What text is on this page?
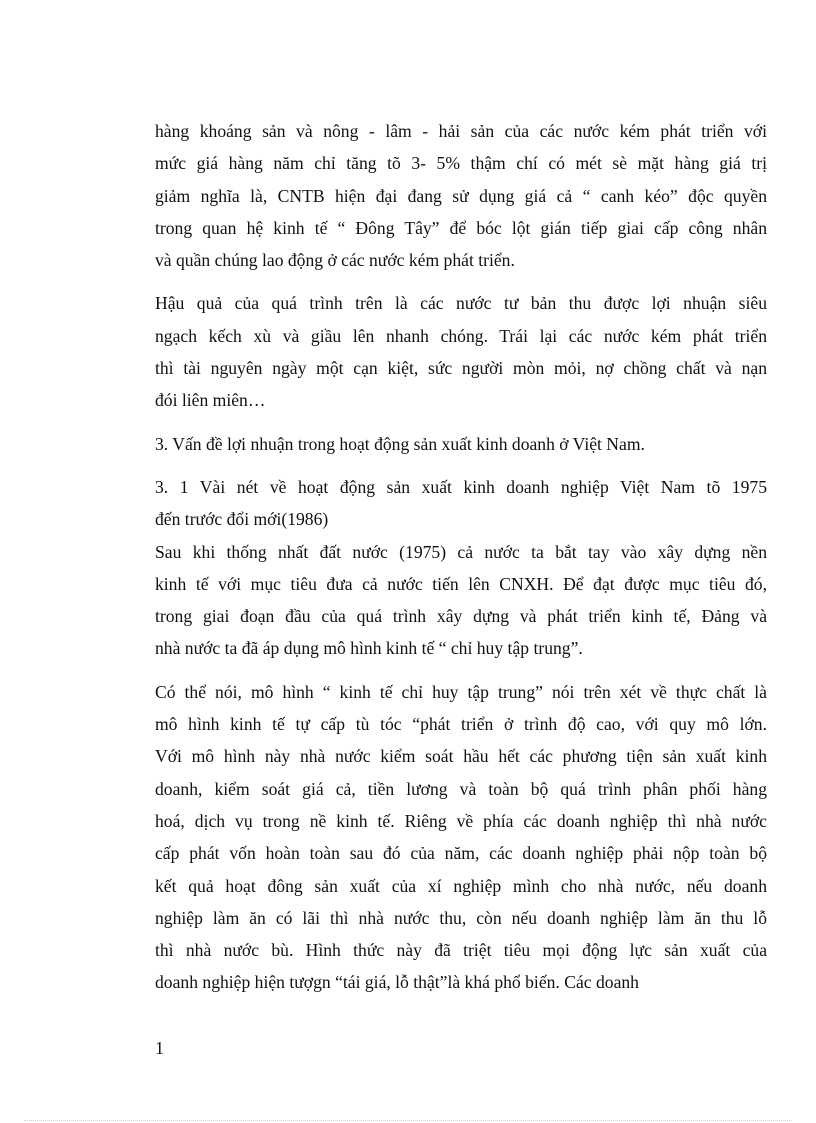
hàng khoáng sản và nông - lâm - hải sản của các nước kém phát triển với
mức giá hàng năm chỉ tăng tõ 3- 5% thậm chí có mét sè mặt hàng giá trị
giảm nghĩa là, CNTB hiện đại đang sử dụng giá cả “ canh kéo” độc quyền
trong quan hệ kinh tế “ Đông Tây” để bóc lột gián tiếp giai cấp công nhân
và quần chúng lao động ở các nước kém phát triển.

Hậu quả của quá trình trên là các nước tư bản thu được lợi nhuận siêu
ngạch kếch xù và giầu lên nhanh chóng. Trái lại các nước kém phát triển
thì tài nguyên ngày một cạn kiệt, sức người mòn mỏi, nợ chồng chất và nạn
đói liên miên…

3. Vấn đề lợi nhuận trong hoạt động sản xuất kinh doanh ở Việt Nam.

3. 1 Vài nét về hoạt động sản xuất kinh doanh nghiệp Việt Nam tõ 1975
đến trước đổi mới(1986)
Sau khi thống nhất đất nước (1975) cả nước ta bắt tay vào xây dựng nền
kinh tế với mục tiêu đưa cả nước tiến lên CNXH. Để đạt được mục tiêu đó,
trong giai đoạn đầu của quá trình xây dựng và phát triển kinh tế, Đảng và
nhà nước ta đã áp dụng mô hình kinh tế “ chỉ huy tập trung”.

Có thể nói, mô hình “ kinh tế chỉ huy tập trung” nói trên xét về thực chất là
mô hình kinh tế tự cấp tù tóc “phát triển ở trình độ cao, với quy mô lớn.
Với mô hình này nhà nước kiểm soát hầu hết các phương tiện sản xuất kinh
doanh, kiểm soát giá cả, tiền lương và toàn bộ quá trình phân phối hàng
hoá, dịch vụ trong nề kinh tế. Riêng về phía các doanh nghiệp thì nhà nước
cấp phát vốn hoàn toàn sau đó của năm, các doanh nghiệp phải nộp toàn bộ
kết quả hoạt đông sản xuất của xí nghiệp mình cho nhà nước, nếu doanh
nghiệp làm ăn có lãi thì nhà nước thu, còn nếu doanh nghiệp làm ăn thu lỗ
thì nhà nước bù. Hình thức này đã triệt tiêu mọi động lực sản xuất của
doanh nghiệp hiện tượgn “tái giá, lỗ thật”là khá phổ biến. Các doanh

1
